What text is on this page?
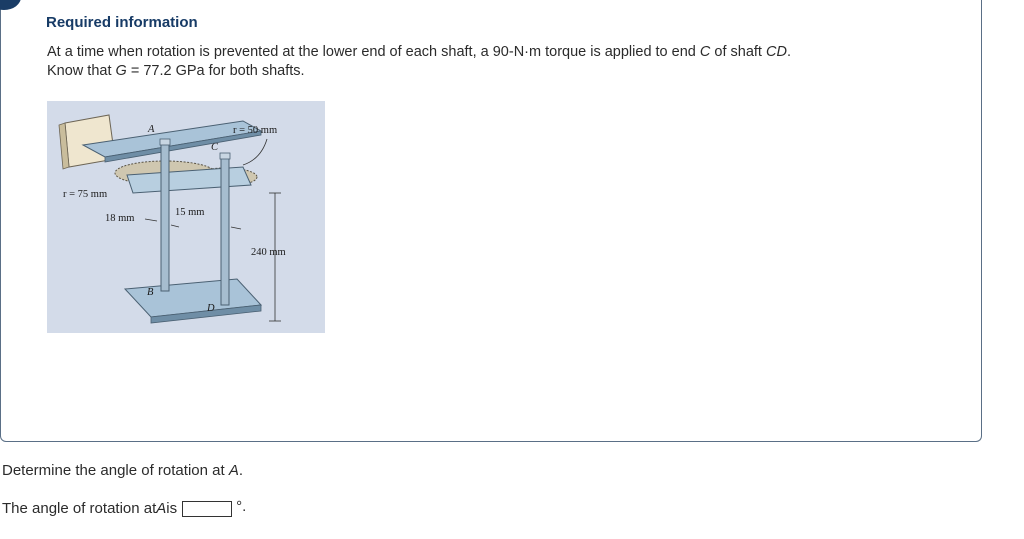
Required information

At a time when rotation is prevented at the lower end of each shaft, a 90-N·m torque is applied to end C of shaft CD.
Know that G = 77.2 GPa for both shafts.

A
C
r = 50 mm
r = 75 mm
18 mm
15 mm
240 mm
B
D

Determine the angle of rotation at A.

The angle of rotation at A is	°.
